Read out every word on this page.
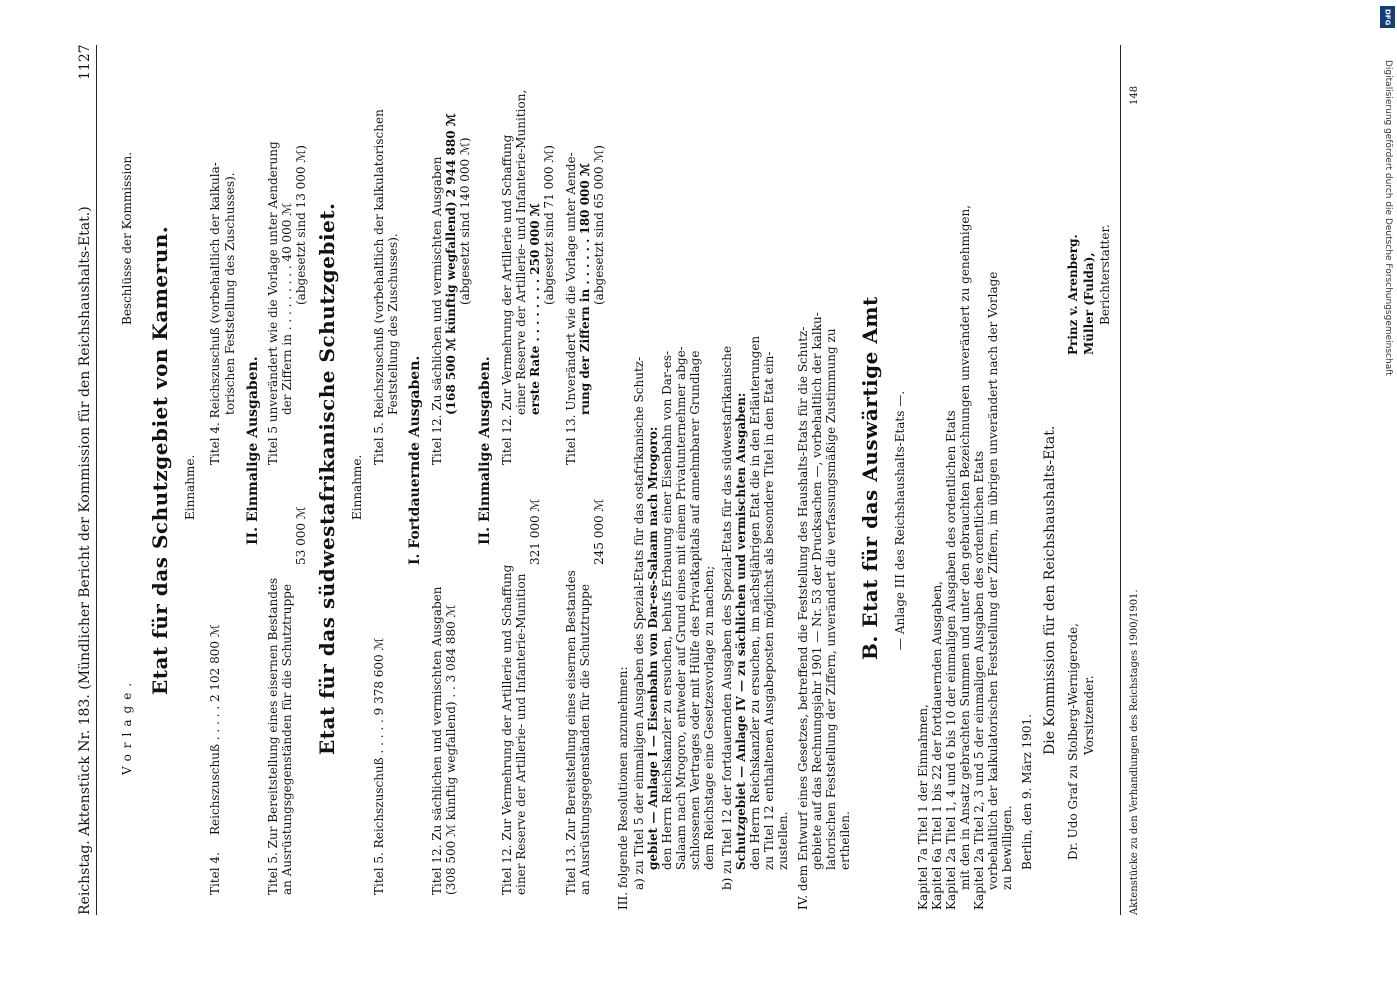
Reichstag. Aktenstück Nr. 183. (Mündlicher Bericht der Kommission für den Reichshaushalts-Etat.)
1127
Vorlage.
Beschlüsse der Kommission. Etat für das Schutzgebiet von Kamerun. Einnahme.
Titel 4.
Reichszuschuß . . . . . 2 102 800 ℳ
Titel 4. Reichszuschuß (vorbehaltlich der kalkula- torischen Feststellung des Zuschusses).
II. Einmalige Ausgaben.
Titel 5. Zur Bereitstellung eines eisernen Bestandes an Ausrüstungsgegenständen für die Schutztruppe
53 000 ℳ
Titel 5 unverändert wie die Vorlage unter Aenderung der Ziffern in . . . . . . . . . 40 000 ℳ (abgesetzt sind 13 000 ℳ) Etat für das südwestafrikanische Schutzgebiet. Einnahme.
Titel 5. Reichszuschuß . . . . . 9 378 600 ℳ
Titel 5. Reichszuschuß (vorbehaltlich der kalkulatorischen Feststellung des Zuschusses).
I. Fortdauernde Ausgaben.
Titel 12. Zu sächlichen und vermischten Ausgaben (308 500 ℳ künftig wegfallend) . . 3 084 880 ℳ
Titel 12. Zu sächlichen und vermischten Ausgaben (168 500 ℳ künftig wegfallend) 2 944 880 ℳ (abgesetzt sind 140 000 ℳ)
II. Einmalige Ausgaben.
Titel 12. Zur Vermehrung der Artillerie und Schaffung einer Reserve der Artillerie- und Infanterie-Munition
321 000 ℳ
Titel 12. Zur Vermehrung der Artillerie und Schaffung einer Reserve der Artillerie- und Infanterie-Munition, erste Rate . . . . . . . . 250 000 ℳ (abgesetzt sind 71 000 ℳ)
Titel 13. Zur Bereitstellung eines eisernen Bestandes an Ausrüstungsgegenständen für die Schutztruppe
245 000 ℳ
Titel 13. Unverändert wie die Vorlage unter Aende- rung der Ziffern in . . . . . . 180 000 ℳ (abgesetzt sind 65 000 ℳ)
III. folgende Resolutionen anzunehmen: a) zu Titel 5 der einmaligen Ausgaben des Spezial-Etats für das ostafrikanische Schutz- gebiet — Anlage I — Eisenbahn von Dar-es-Salaam nach Mrogoro: den Herrn Reichskanzler zu ersuchen, behufs Erbauung einer Eisenbahn von Dar-es- Salaam nach Mrogoro, entweder auf Grund eines mit einem Privatunternehmer abge- schlossenen Vertrages oder mit Hülfe des Privatkapitals auf annehmbarer Grundlage dem Reichstage eine Gesetzesvorlage zu machen; b) zu Titel 12 der fortdauernden Ausgaben des Spezial-Etats für das südwestafrikanische Schutzgebiet — Anlage IV — zu sächlichen und vermischten Ausgaben: den Herrn Reichskanzler zu ersuchen, im nächstjährigen Etat die in den Erläuterungen zu Titel 12 enthaltenen Ausgabeposten möglichst als besondere Titel in den Etat ein- zustellen. IV. dem Entwurf eines Gesetzes, betreffend die Feststellung des Haushalts-Etats für die Schutz- gebiete auf das Rechnungsjahr 1901 — Nr. 53 der Drucksachen —, vorbehaltlich der kalku- latorischen Feststellung der Ziffern, unverändert die verfassungsmäßige Zustimmung zu ertheilen.
B. Etat für das Auswärtige Amt — Anlage III des Reichshaushalts-Etats —.
Kapitel 7a Titel 1 der Einnahmen, Kapitel 6a Titel 1 bis 22 der fortdauernden Ausgaben, Kapitel 2a Titel 1, 4 und 6 bis 10 der einmaligen Ausgaben des ordentlichen Etats mit den in Ansatz gebrachten Summen und unter den gebrauchten Bezeichnungen unverändert zu genehmigen, Kapitel 2a Titel 2, 3 und 5 der einmaligen Ausgaben des ordentlichen Etats vorbehaltlich der kalkulatorischen Feststellung der Ziffern, im übrigen unverändert nach der Vorlage zu bewilligen. Berlin, den 9. März 1901.
Die Kommission für den Reichshaushalts-Etat. Dr. Udo Graf zu Stolberg-Wernigerode, Vorsitzender.
Prinz v. Arenberg. Müller (Fulda), Berichterstatter.
Aktenstücke zu den Verhandlungen des Reichstages 1900/1901.
148
DFG
Digitalisierung gefördert durch die Deutsche Forschungsgemeinschaft
